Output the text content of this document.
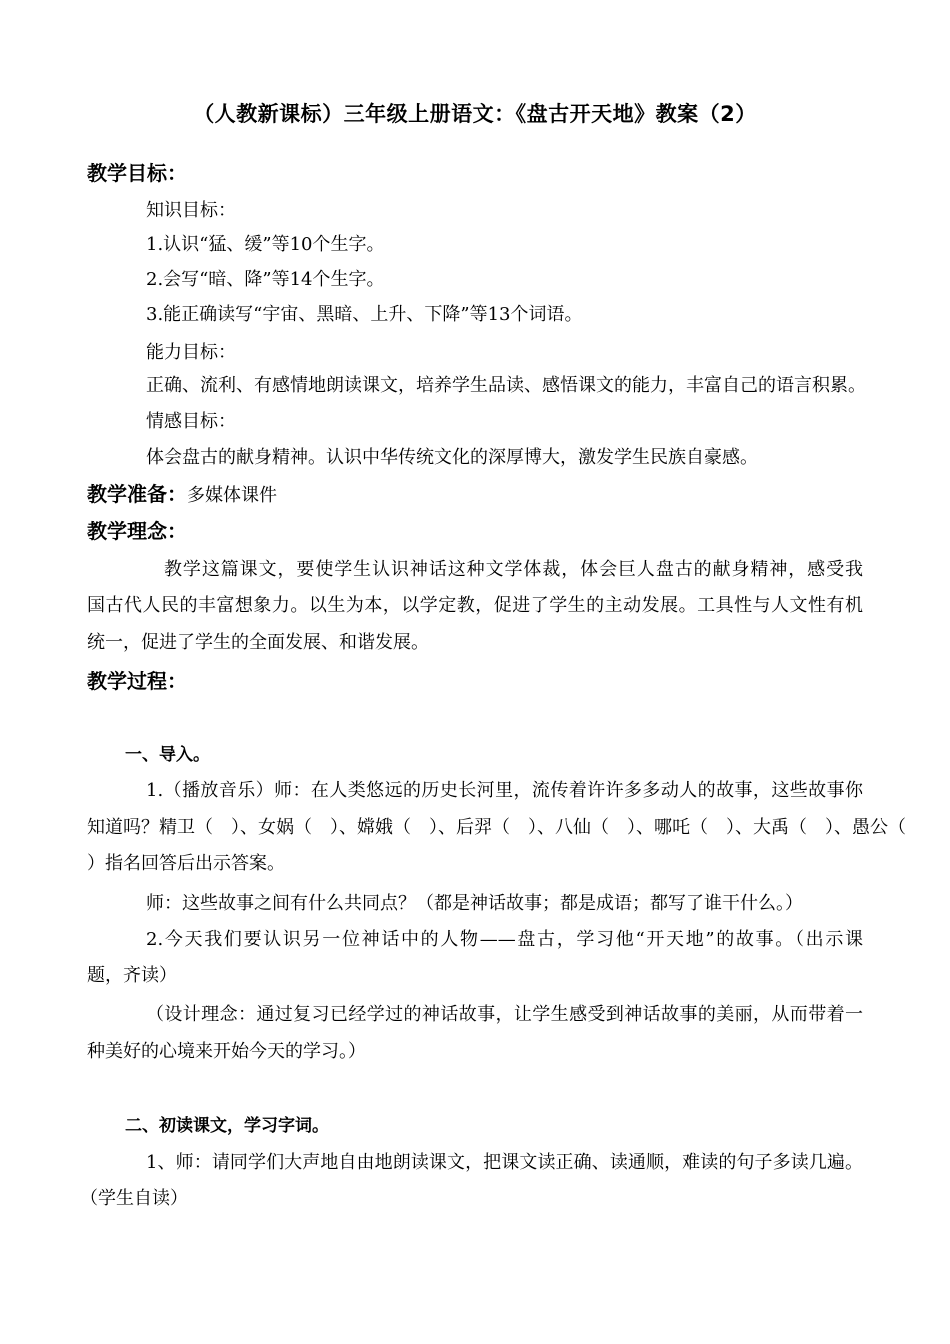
（人教新课标）三年级上册语文：《盘古开天地》教案（2）
教学目标：
知识目标：
1.认识“猛、缓”等10个生字。
2.会写“暗、降”等14个生字。
3.能正确读写“宇宙、黑暗、上升、下降”等13个词语。
能力目标：
正确、流利、有感情地朗读课文，培养学生品读、感悟课文的能力，丰富自己的语言积累。
情感目标：
体会盘古的献身精神。认识中华传统文化的深厚博大，激发学生民族自豪感。
教学准备：多媒体课件
教学理念：
教学这篇课文，要使学生认识神话这种文学体裁，体会巨人盘古的献身精神，感受我
国古代人民的丰富想象力。以生为本，以学定教，促进了学生的主动发展。工具性与人文性有机
统一，促进了学生的全面发展、和谐发展。
教学过程：
一、导入。
1.（播放音乐）师：在人类悠远的历史长河里，流传着许许多多动人的故事，这些故事你
知道吗？精卫（　）、女娲（　）、嫦娥（　）、后羿（　）、八仙（　）、哪吒（　）、大禹（　）、愚公（
）指名回答后出示答案。
师：这些故事之间有什么共同点？（都是神话故事；都是成语；都写了谁干什么。）
2.今天我们要认识另一位神话中的人物——盘古，学习他“开天地”的故事。（出示课
题，齐读）
（设计理念：通过复习已经学过的神话故事，让学生感受到神话故事的美丽，从而带着一
种美好的心境来开始今天的学习。）
二、初读课文，学习字词。
1、师：请同学们大声地自由地朗读课文，把课文读正确、读通顺，难读的句子多读几遍。
（学生自读）
